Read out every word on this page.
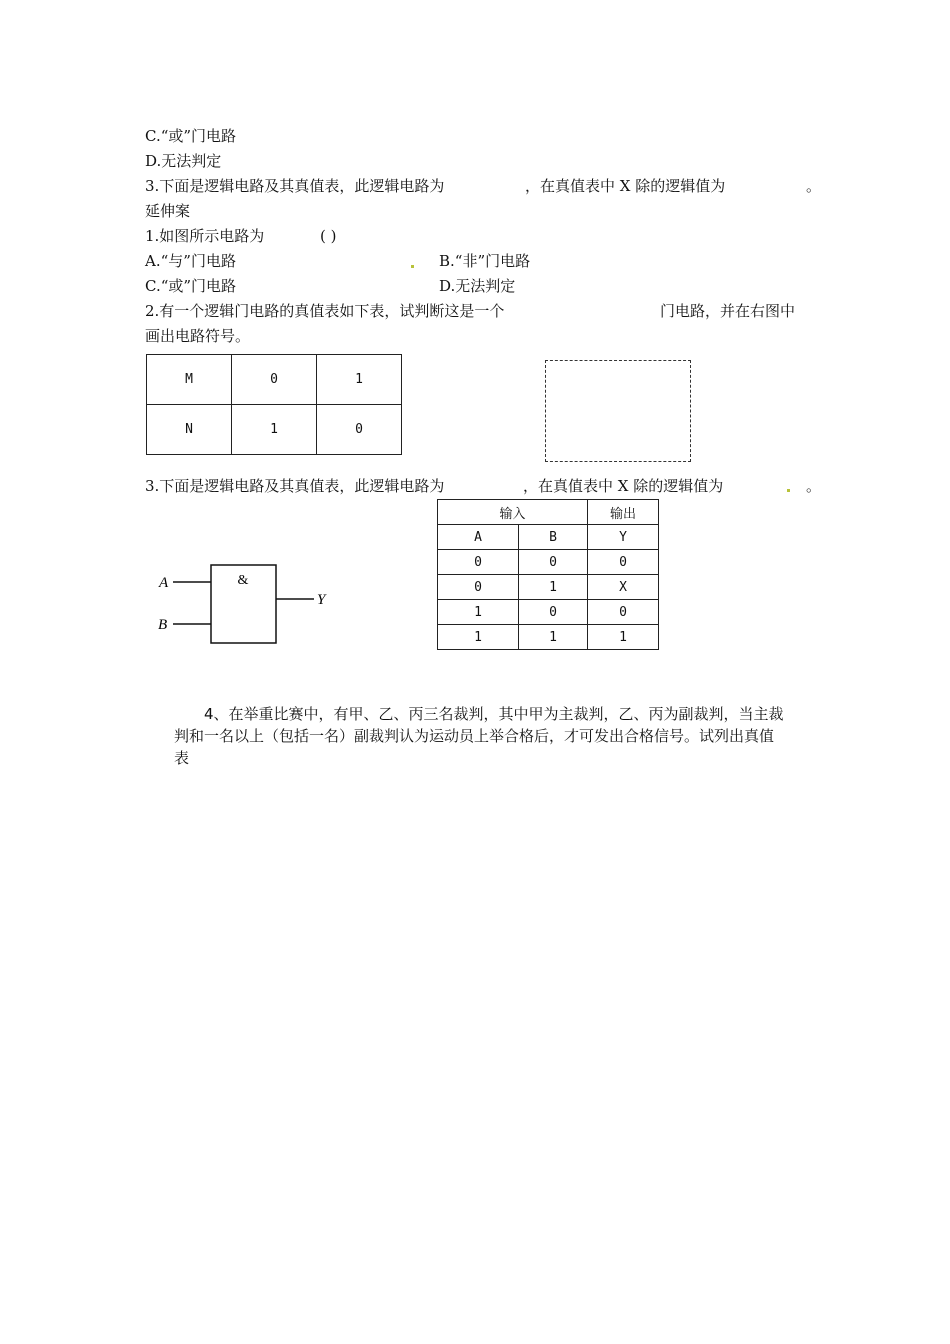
C.“或”门电路
D.无法判定
3.下面是逻辑电路及其真值表，此逻辑电路为	，在真值表中 X 除的逻辑值为	。
延伸案
1.如图所示电路为	( )
A.“与”门电路	B.“非”门电路
C.“或”门电路	D.无法判定
2.有一个逻辑门电路的真值表如下表，试判断这是一个	门电路，并在右图中
画出电路符号。
M	0	1
N	1	0
3.下面是逻辑电路及其真值表，此逻辑电路为	，在真值表中 X 除的逻辑值为	。
&
A
B
Y
输入		输出
A	B	Y
0	0	0
0	1	X
1	0	0
1	1	1
4、在举重比赛中，有甲、乙、丙三名裁判，其中甲为主裁判，乙、丙为副裁判，当主裁判和一名以上（包括一名）副裁判认为运动员上举合格后，才可发出合格信号。试列出真值表
